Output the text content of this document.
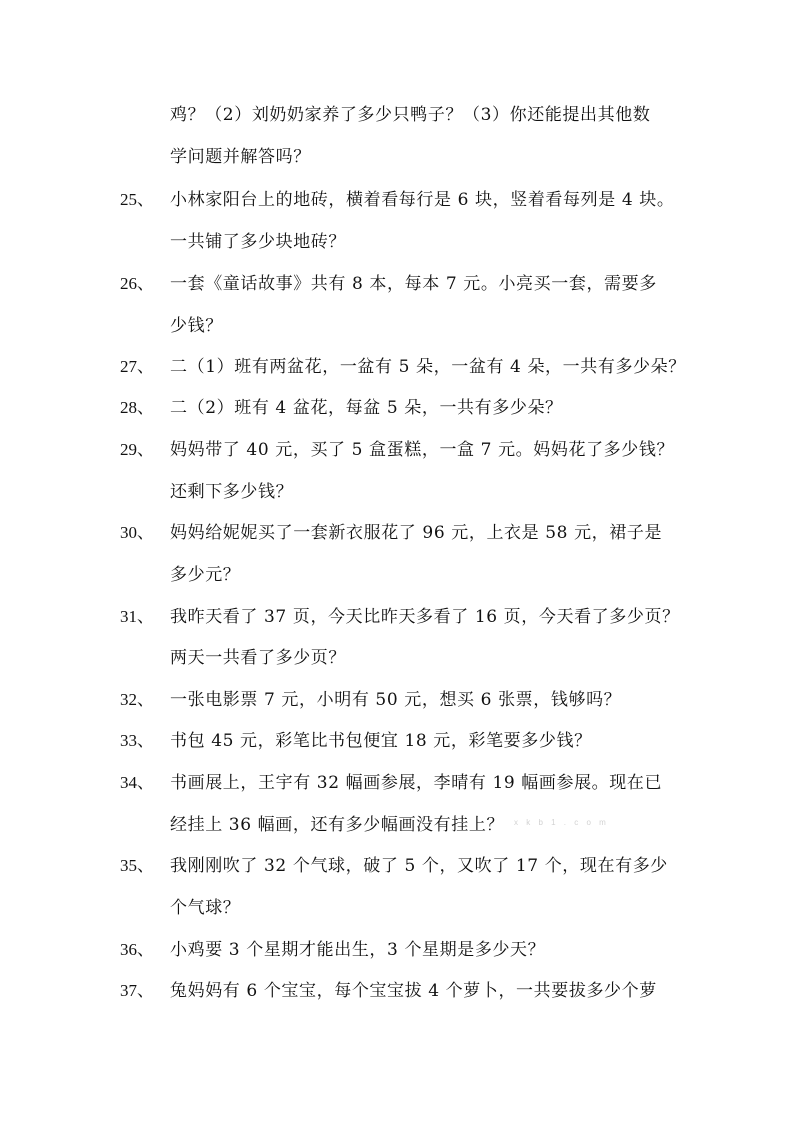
鸡？（2）刘奶奶家养了多少只鸭子？（3）你还能提出其他数
学问题并解答吗？
25、 小林家阳台上的地砖，横着看每行是 6 块，竖着看每列是 4 块。
一共铺了多少块地砖？
26、 一套《童话故事》共有 8 本，每本 7 元。小亮买一套，需要多
少钱？
27、 二（1）班有两盆花，一盆有 5 朵，一盆有 4 朵，一共有多少朵？
28、 二（2）班有 4 盆花，每盆 5 朵，一共有多少朵？
29、 妈妈带了 40 元，买了 5 盒蛋糕，一盒 7 元。妈妈花了多少钱？
还剩下多少钱？
30、 妈妈给妮妮买了一套新衣服花了 96 元，上衣是 58 元，裙子是
多少元？
31、 我昨天看了 37 页，今天比昨天多看了 16 页，今天看了多少页？
两天一共看了多少页？
32、 一张电影票 7 元，小明有 50 元，想买 6 张票，钱够吗？
33、 书包 45 元，彩笔比书包便宜 18 元，彩笔要多少钱？
34、 书画展上，王宇有 32 幅画参展，李晴有 19 幅画参展。现在已
经挂上 36 幅画，还有多少幅画没有挂上？
35、 我刚刚吹了 32 个气球，破了 5 个，又吹了 17 个，现在有多少
个气球？
36、 小鸡要 3 个星期才能出生，3 个星期是多少天？
37、 兔妈妈有 6 个宝宝，每个宝宝拔 4 个萝卜，一共要拔多少个萝
x k b 1 . c o m
